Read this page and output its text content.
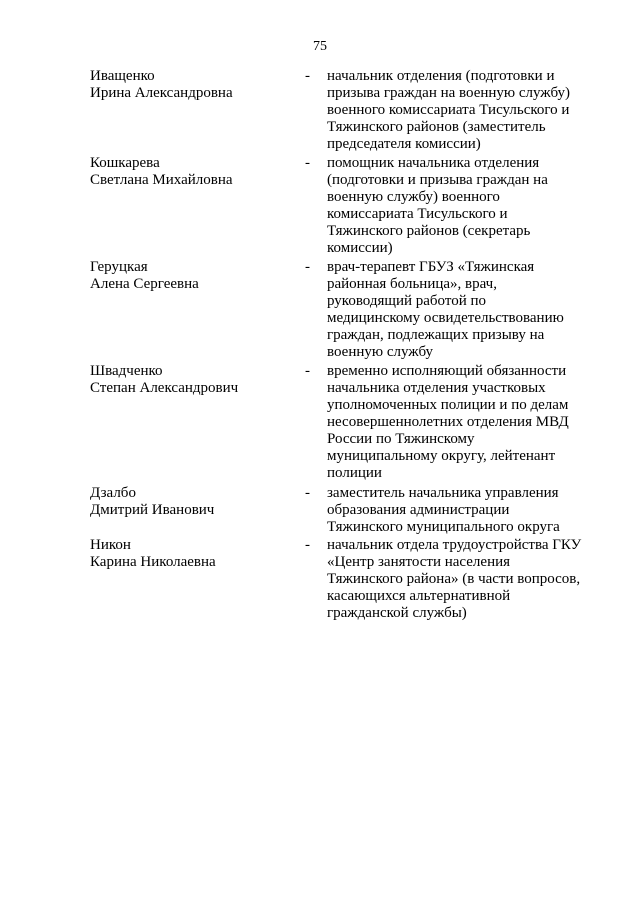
75
Иващенко
Ирина Александровна
-	начальник отделения (подготовки и
призыва граждан на военную службу)
военного комиссариата Тисульского и
Тяжинского районов (заместитель
председателя комиссии)
Кошкарева
Светлана Михайловна
-	помощник начальника отделения
(подготовки и призыва граждан на
военную службу) военного
комиссариата Тисульского и
Тяжинского районов (секретарь
комиссии)
Геруцкая
Алена Сергеевна
-	врач-терапевт ГБУЗ «Тяжинская
районная больница», врач,
руководящий работой по
медицинскому освидетельствованию
граждан, подлежащих призыву на
военную службу
Швадченко
Степан Александрович
-	временно исполняющий обязанности
начальника отделения участковых
уполномоченных полиции и по делам
несовершеннолетних отделения МВД
России по Тяжинскому
муниципальному округу, лейтенант
полиции
Дзалбо
Дмитрий Иванович
-	заместитель начальника управления
образования администрации
Тяжинского муниципального округа
Никон
Карина Николаевна
-	начальник отдела трудоустройства ГКУ
«Центр занятости населения
Тяжинского района» (в части вопросов,
касающихся альтернативной
гражданской службы)
